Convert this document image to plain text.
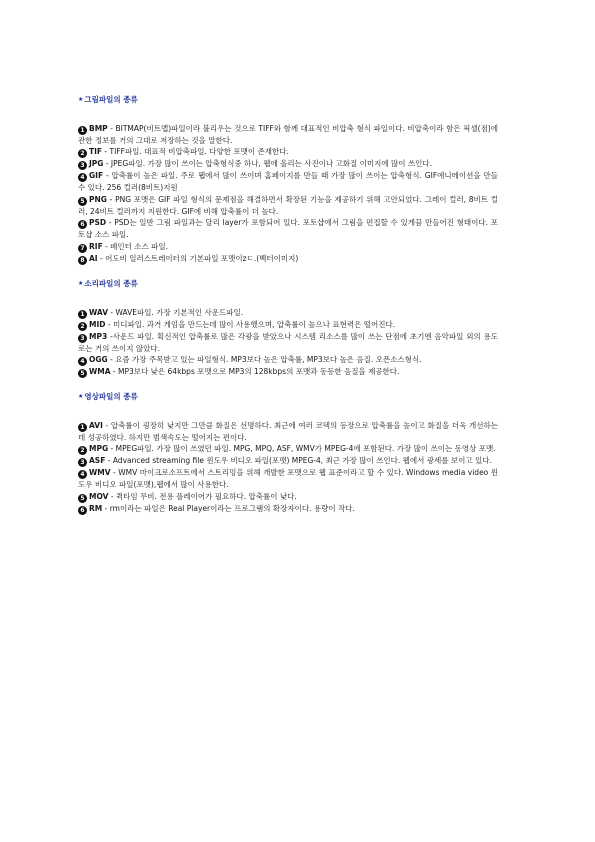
★그림파일의 종류

1 BMP - BITMAP(비트맵)파일이라 불리우는 것으로 TIFF와 함께 대표적인 비압축 형식 파일이다. 비압축이라 함은 픽셀(점)에 관한 정보를 거의 그대로 저장하는 것을 말한다.

2 TIF - TIFF파일. 대표적 비압축파일. 다양한 포맷이 존재한다.

3 JPG - JPEG파일. 가장 많이 쓰이는 압축형식중 하나, 웹에 올리는 사진이나 고화질 이미지에 많이 쓰인다.

4 GIF - 압축률이 높은 파일. 주로 웹에서 많이 쓰이며 홈페이지를 만들 때 가장 많이 쓰이는 압축형식. GIF애니메이션을 만들 수 있다. 256 컬러(8비트)지원

5 PNG - PNG 포맷은 GIF 파일 형식의 문제점을 해결하면서 확장된 기능을 제공하기 위해 고안되었다. 그레이 컬러, 8비트 컬러, 24비트 컬러까지 지원한다. GIF에 비해 압축률이 더 높다.

6 PSD - PSD는 일반 그림 파일과는 달리 layer가 포함되어 있다. 포토샵에서 그림을 편집할 수 있게끔 만들어진 형태이다. 포토샵 소스 파일.

7 RIF - 페인터 소스 파일.

8 AI - 어도비 일러스트레이터의 기본파일 포맷이zㄷ.(벡터이미지)

★소리파일의 종류

1 WAV - WAVE파일. 가장 기본적인 사운드파일.

2 MID - 미디파일. 과거 게임을 만드는데 많이 사용했으며, 압축률이 높으나 표현력은 떨어진다.

3 MP3 -사운드 파일. 획신적인 압축률로 많은 각광을 받았으나 시스템 리소스를 많이 쓰는 단점에 초기엔 음악파일 외의 용도로는 거의 쓰이지 않았다.

4 OGG - 요즘 가장 주목받고 있는 파일형식. MP3보다 높은 압축률, MP3보다 높은 음질. 오픈소스형식.

5 WMA - MP3보다 낮은 64kbps 포맷으로 MP3의 128kbps의 포맷과 동등한 음질을 제공한다.

★영상파일의 종류

1 AVI - 압축률이 굉장히 낮지만 그만큼 화질은 선명하다. 최근에 여러 코덱의 등장으로 압축률을 높이고 화질을 더욱 개선하는데 성공하였다. 하지만 범색속도는 떨어지는 편이다.

2 MPG - MPEG파일. 가장 많이 쓰였던 파일. MPG, MPQ, ASF, WMV가 MPEG-4에 포함된다. 가장 많이 쓰이는 동영상 포맷.

3 ASF - Advanced streaming file 윈도우 비디오 파일(포맷) MPEG-4, 최근 가장 많이 쓰인다. 웹에서 광세를 보이고 있다.

4 WMV - WMV 마이크로소프트에서 스트리밍을 위해 개발한 포맷으로 웹 표준이라고 할 수 있다. Windows media video 윈도우 비디오 파일(포맷),웹에서 많이 사용한다.

5 MOV - 퀵타임 무비. 전용 플레이어가 필요하다. 압축률이 낮다.

6 RM - rm이라는 파일은 Real Player이라는 프로그램의 확장자이다. 용량이 작다.
